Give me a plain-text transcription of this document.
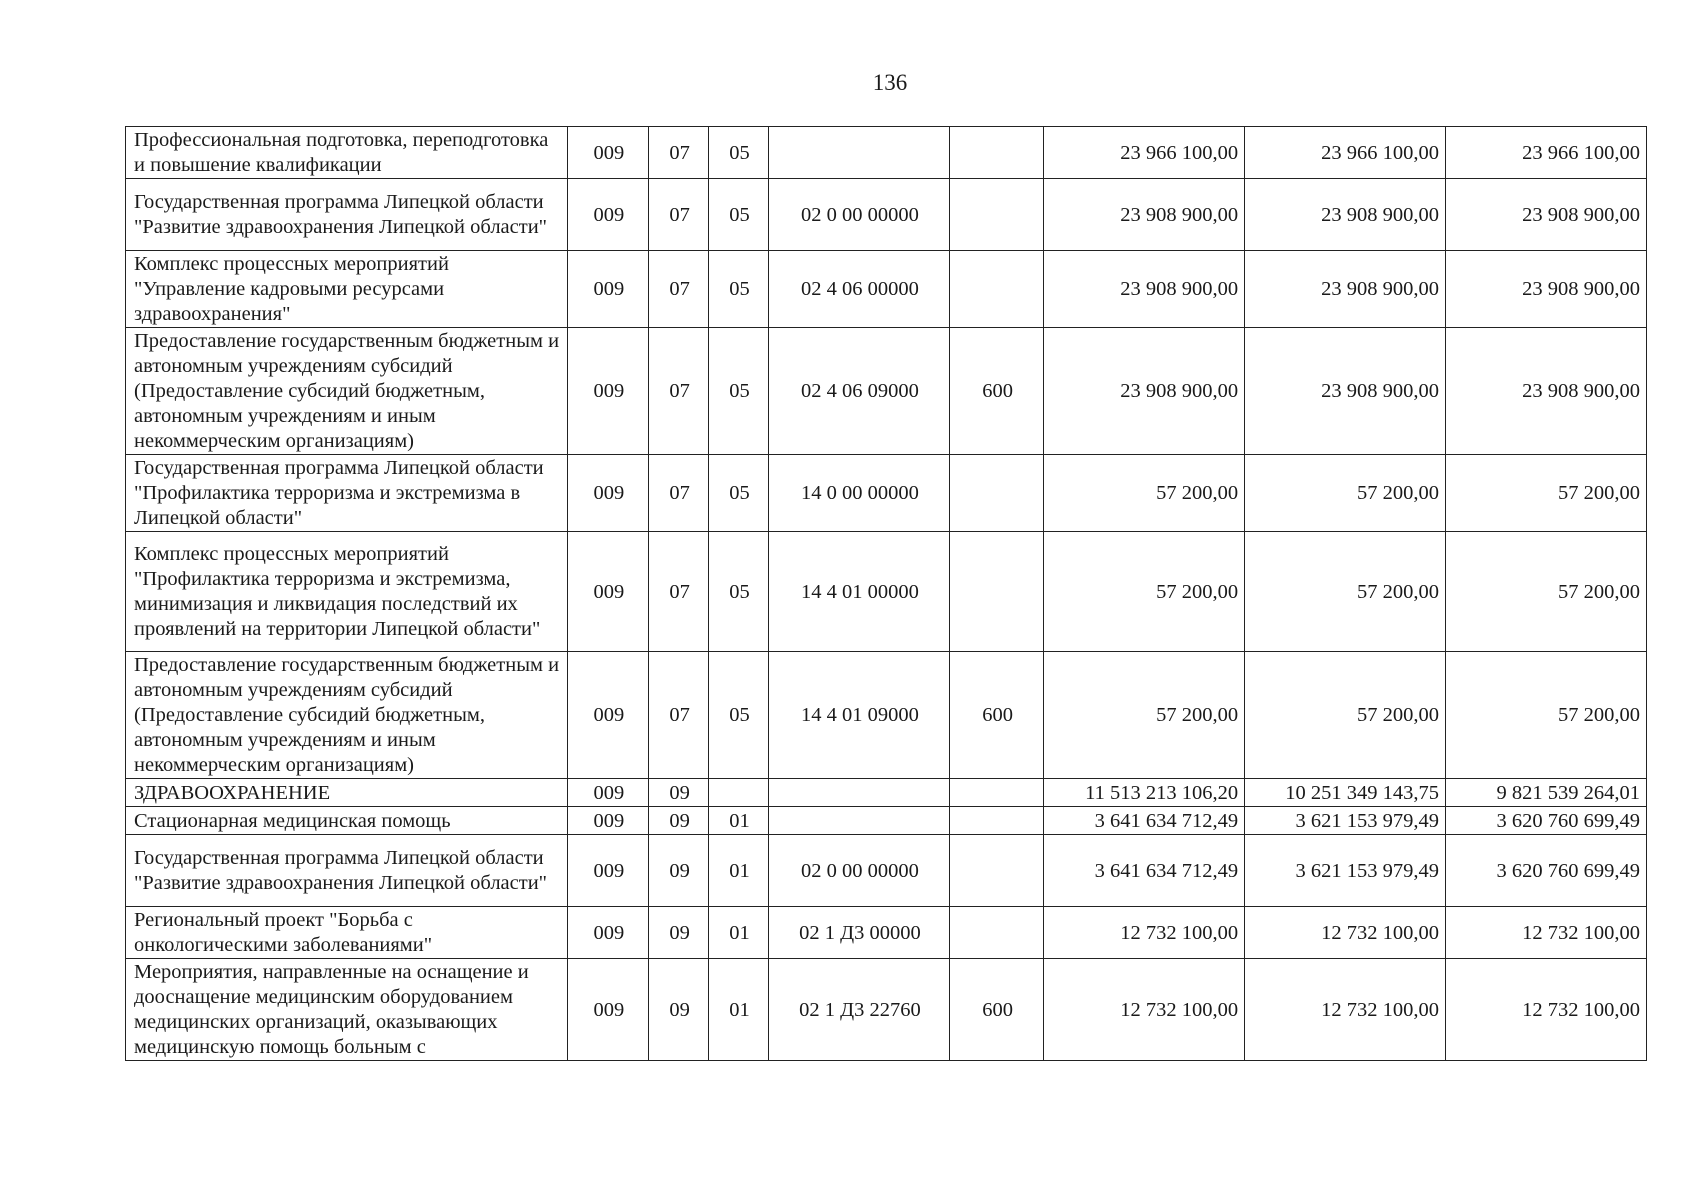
136
Профессиональная подготовка, переподготовка и повышение квалификации	009	07	05			23 966 100,00	23 966 100,00	23 966 100,00
Государственная программа Липецкой области "Развитие здравоохранения Липецкой области"	009	07	05	02 0 00 00000		23 908 900,00	23 908 900,00	23 908 900,00
Комплекс процессных мероприятий "Управление кадровыми ресурсами здравоохранения"	009	07	05	02 4 06 00000		23 908 900,00	23 908 900,00	23 908 900,00
Предоставление государственным бюджетным и автономным учреждениям субсидий (Предоставление субсидий бюджетным, автономным учреждениям и иным некоммерческим организациям)	009	07	05	02 4 06 09000	600	23 908 900,00	23 908 900,00	23 908 900,00
Государственная программа Липецкой области "Профилактика терроризма и экстремизма в Липецкой области"	009	07	05	14 0 00 00000		57 200,00	57 200,00	57 200,00
Комплекс процессных мероприятий "Профилактика терроризма и экстремизма, минимизация и ликвидация последствий их проявлений на территории Липецкой области"	009	07	05	14 4 01 00000		57 200,00	57 200,00	57 200,00
Предоставление государственным бюджетным и автономным учреждениям субсидий (Предоставление субсидий бюджетным, автономным учреждениям и иным некоммерческим организациям)	009	07	05	14 4 01 09000	600	57 200,00	57 200,00	57 200,00
ЗДРАВООХРАНЕНИЕ	009	09				11 513 213 106,20	10 251 349 143,75	9 821 539 264,01
Стационарная медицинская помощь	009	09	01			3 641 634 712,49	3 621 153 979,49	3 620 760 699,49
Государственная программа Липецкой области "Развитие здравоохранения Липецкой области"	009	09	01	02 0 00 00000		3 641 634 712,49	3 621 153 979,49	3 620 760 699,49
Региональный проект "Борьба с онкологическими заболеваниями"	009	09	01	02 1 Д3 00000		12 732 100,00	12 732 100,00	12 732 100,00
Мероприятия, направленные на оснащение и дооснащение медицинским оборудованием медицинских организаций, оказывающих медицинскую помощь больным с	009	09	01	02 1 Д3 22760	600	12 732 100,00	12 732 100,00	12 732 100,00
